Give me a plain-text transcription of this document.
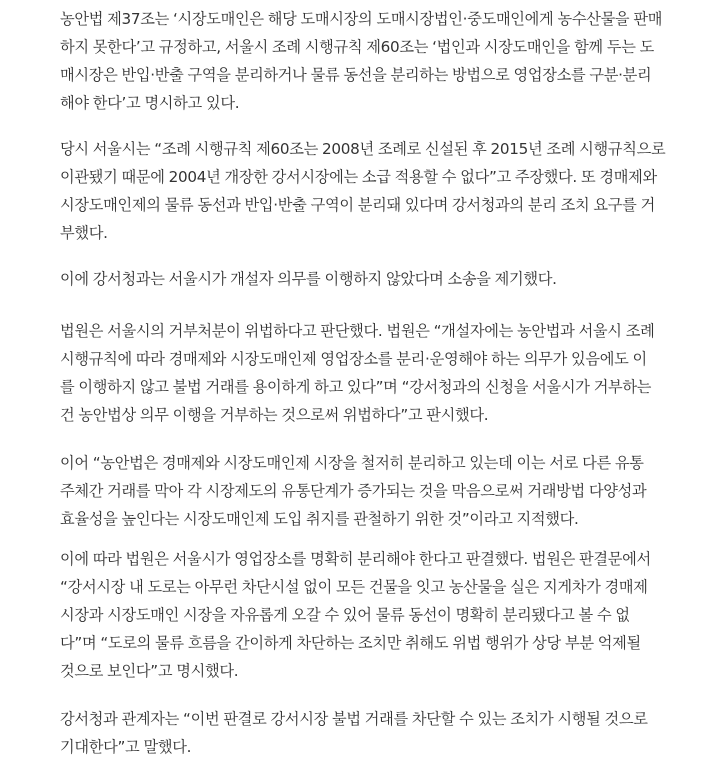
농안법 제37조는 ‘시장도매인은 해당 도매시장의 도매시장법인·중도매인에게 농수산물을 판매
하지 못한다’고 규정하고, 서울시 조례 시행규칙 제60조는 ‘법인과 시장도매인을 함께 두는 도
매시장은 반입·반출 구역을 분리하거나 물류 동선을 분리하는 방법으로 영업장소를 구분·분리
해야 한다’고 명시하고 있다.

당시 서울시는 “조례 시행규칙 제60조는 2008년 조례로 신설된 후 2015년 조례 시행규칙으로
이관됐기 때문에 2004년 개장한 강서시장에는 소급 적용할 수 없다”고 주장했다. 또 경매제와
시장도매인제의 물류 동선과 반입·반출 구역이 분리돼 있다며 강서청과의 분리 조치 요구를 거
부했다.

이에 강서청과는 서울시가 개설자 의무를 이행하지 않았다며 소송을 제기했다.

법원은 서울시의 거부처분이 위법하다고 판단했다. 법원은 “개설자에는 농안법과 서울시 조례
시행규칙에 따라 경매제와 시장도매인제 영업장소를 분리·운영해야 하는 의무가 있음에도 이
를 이행하지 않고 불법 거래를 용이하게 하고 있다”며 “강서청과의 신청을 서울시가 거부하는
건 농안법상 의무 이행을 거부하는 것으로써 위법하다”고 판시했다.

이어 “농안법은 경매제와 시장도매인제 시장을 철저히 분리하고 있는데 이는 서로 다른 유통
주체간 거래를 막아 각 시장제도의 유통단계가 증가되는 것을 막음으로써 거래방법 다양성과
효율성을 높인다는 시장도매인제 도입 취지를 관철하기 위한 것”이라고 지적했다.

이에 따라 법원은 서울시가 영업장소를 명확히 분리해야 한다고 판결했다. 법원은 판결문에서
“강서시장 내 도로는 아무런 차단시설 없이 모든 건물을 잇고 농산물을 실은 지게차가 경매제
시장과 시장도매인 시장을 자유롭게 오갈 수 있어 물류 동선이 명확히 분리됐다고 볼 수 없
다”며 “도로의 물류 흐름을 간이하게 차단하는 조치만 취해도 위법 행위가 상당 부분 억제될
것으로 보인다”고 명시했다.

강서청과 관계자는 “이번 판결로 강서시장 불법 거래를 차단할 수 있는 조치가 시행될 것으로
기대한다”고 말했다.
